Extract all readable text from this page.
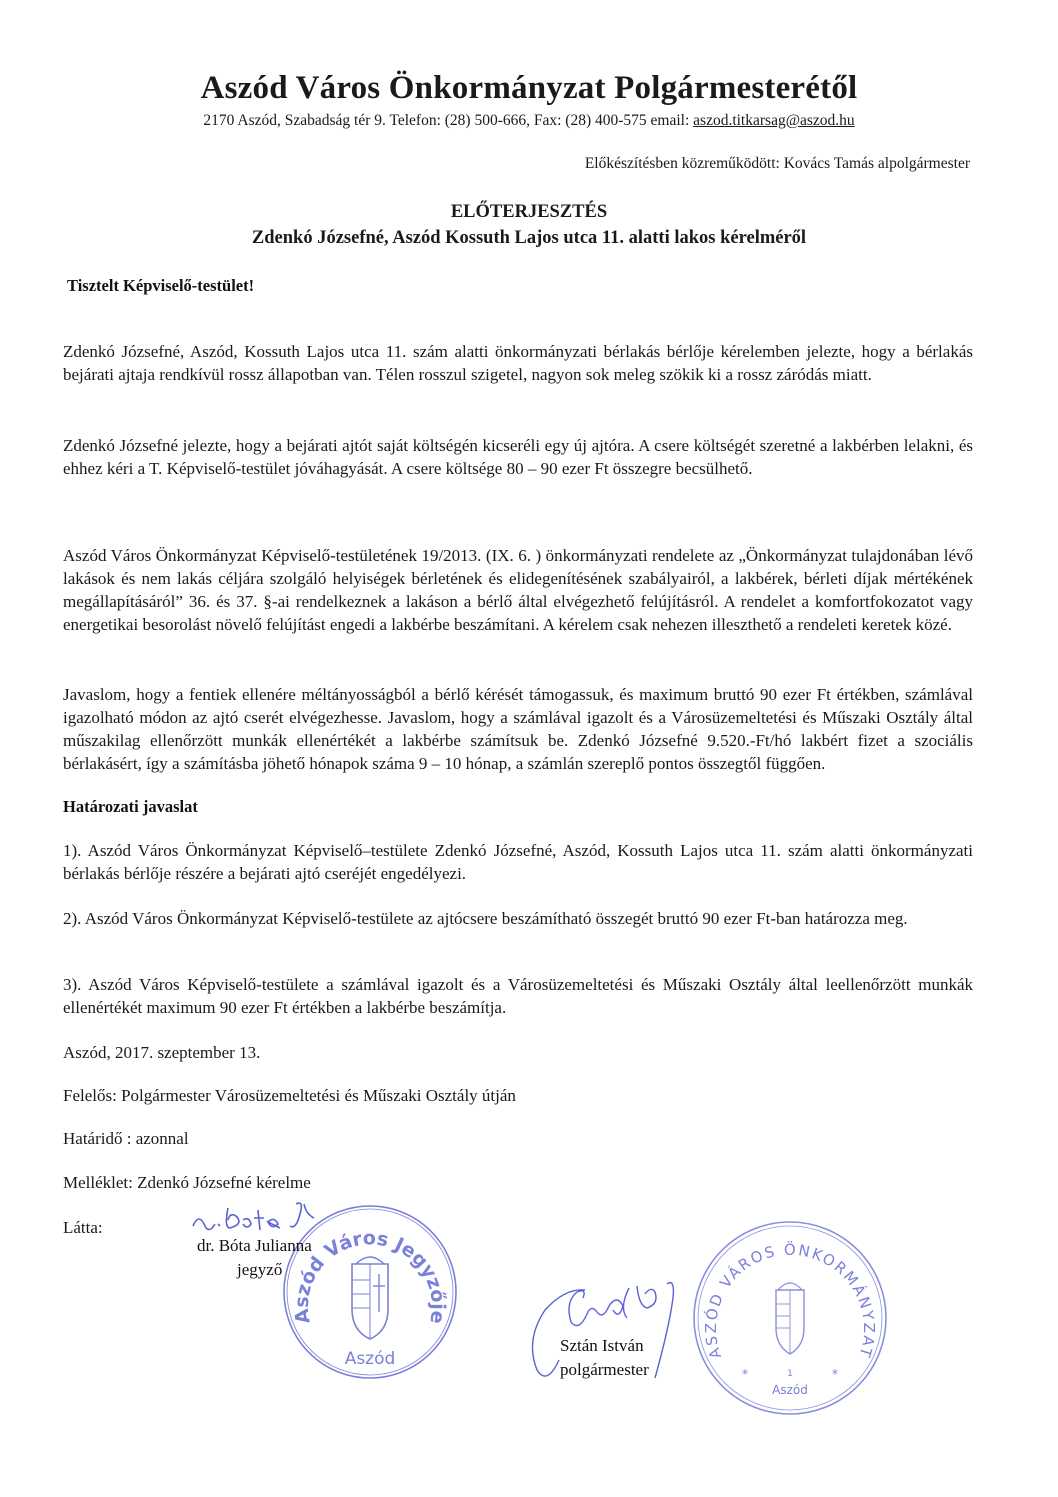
Aszód Város Önkormányzat Polgármesterétől
2170 Aszód, Szabadság tér 9. Telefon: (28) 500-666, Fax: (28) 400-575 email: aszod.titkarsag@aszod.hu
Előkészítésben közreműködött: Kovács Tamás alpolgármester
ELŐTERJESZTÉS
Zdenkó Józsefné, Aszód Kossuth Lajos utca 11. alatti lakos kérelméről
Tisztelt Képviselő-testület!
Zdenkó Józsefné, Aszód, Kossuth Lajos utca 11. szám alatti önkormányzati bérlakás bérlője kérelemben jelezte, hogy a bérlakás bejárati ajtaja rendkívül rossz állapotban van. Télen rosszul szigetel, nagyon sok meleg szökik ki a rossz záródás miatt.
Zdenkó Józsefné jelezte, hogy a bejárati ajtót saját költségén kicseréli egy új ajtóra. A csere költségét szeretné a lakbérben lelakni, és ehhez kéri a T. Képviselő-testület jóváhagyását. A csere költsége 80 – 90 ezer Ft összegre becsülhető.
Aszód Város Önkormányzat Képviselő-testületének 19/2013. (IX. 6. ) önkormányzati rendelete az „Önkormányzat tulajdonában lévő lakások és nem lakás céljára szolgáló helyiségek bérletének és elidegenítésének szabályairól, a lakbérek, bérleti díjak mértékének megállapításáról” 36. és 37. §-ai rendelkeznek a lakáson a bérlő által elvégezhető felújításról. A rendelet a komfortfokozatot vagy energetikai besorolást növelő felújítást engedi a lakbérbe beszámítani. A kérelem csak nehezen illeszthető a rendeleti keretek közé.
Javaslom, hogy a fentiek ellenére méltányosságból a bérlő kérését támogassuk, és maximum bruttó 90 ezer Ft értékben, számlával igazolható módon az ajtó cserét elvégezhesse. Javaslom, hogy a számlával igazolt és a Városüzemeltetési és Műszaki Osztály által műszakilag ellenőrzött munkák ellenértékét a lakbérbe számítsuk be. Zdenkó Józsefné 9.520.-Ft/hó lakbért fizet a szociális bérlakásért, így a számításba jöhető hónapok száma 9 – 10 hónap, a számlán szereplő pontos összegtől függően.
Határozati javaslat
1). Aszód Város Önkormányzat Képviselő–testülete Zdenkó Józsefné, Aszód, Kossuth Lajos utca 11. szám alatti önkormányzati bérlakás bérlője részére a bejárati ajtó cseréjét engedélyezi.
2). Aszód Város Önkormányzat Képviselő-testülete az ajtócsere beszámítható összegét bruttó 90 ezer Ft-ban határozza meg.
3). Aszód Város Képviselő-testülete a számlával igazolt és a Városüzemeltetési és Műszaki Osztály által leellenőrzött munkák ellenértékét maximum 90 ezer Ft értékben a lakbérbe beszámítja.
Aszód, 2017. szeptember 13.
Felelős: Polgármester Városüzemeltetési és Műszaki Osztály útján
Határidő : azonnal
Melléklet: Zdenkó Józsefné kérelme
Látta:
Aszód Város Jegyzője
Aszód
dr. Bóta Julianna
jegyző
ASZÓD VÁROS ÖNKORMÁNYZAT
*	*
1
Aszód
Sztán István
polgármester
